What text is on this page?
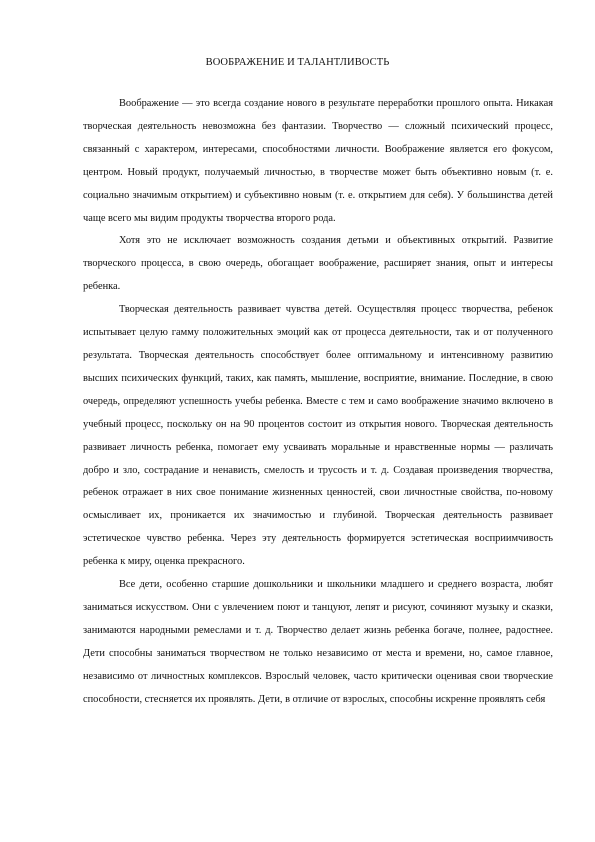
ВООБРАЖЕНИЕ И ТАЛАНТЛИВОСТЬ

Воображение — это всегда создание нового в результате переработки прошлого опыта. Никакая творческая деятельность невозможна без фантазии. Творчество — сложный психический процесс, связанный с характером, интересами, способностями личности. Воображение является его фокусом, центром. Новый продукт, получаемый личностью, в творчестве может быть объективно новым (т. е. социально значимым открытием) и субъективно новым (т. е. открытием для себя). У большинства детей чаще всего мы видим продукты творчества второго рода.

Хотя это не исключает возможность создания детьми и объективных открытий. Развитие творческого процесса, в свою очередь, обогащает воображение, расширяет знания, опыт и интересы ребенка.

Творческая деятельность развивает чувства детей. Осуществляя процесс творчества, ребенок испытывает целую гамму положительных эмоций как от процесса деятельности, так и от полученного результата. Творческая деятельность способствует более оптимальному и интенсивному развитию высших психических функций, таких, как память, мышление, восприятие, внимание. Последние, в свою очередь, определяют успешность учебы ребенка. Вместе с тем и само воображение значимо включено в учебный процесс, поскольку он на 90 процентов состоит из открытия нового. Творческая деятельность развивает личность ребенка, помогает ему усваивать моральные и нравственные нормы — различать добро и зло, сострадание и ненависть, смелость и трусость и т. д. Создавая произведения творчества, ребенок отражает в них свое понимание жизненных ценностей, свои личностные свойства, по-новому осмысливает их, проникается их значимостью и глубиной. Творческая деятельность развивает эстетическое чувство ребенка. Через эту деятельность формируется эстетическая восприимчивость ребенка к миру, оценка прекрасного.

Все дети, особенно старшие дошкольники и школьники младшего и среднего возраста, любят заниматься искусством. Они с увлечением поют и танцуют, лепят и рисуют, сочиняют музыку и сказки, занимаются народными ремеслами и т. д. Творчество делает жизнь ребенка богаче, полнее, радостнее. Дети способны заниматься творчеством не только независимо от места и времени, но, самое главное, независимо от личностных комплексов. Взрослый человек, часто критически оценивая свои творческие способности, стесняется их проявлять. Дети, в отличие от взрослых, способны искренне проявлять себя
